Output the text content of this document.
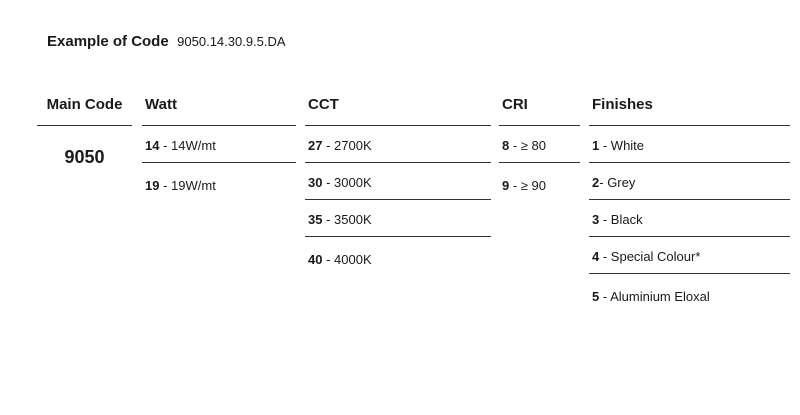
Example of Code 9050.14.30.9.5.DA
Main Code
9050
Watt
14 - 14W/mt
19 - 19W/mt
CCT
27 - 2700K
30 - 3000K
35 - 3500K
40 - 4000K
CRI
8 - ≥ 80
9 - ≥ 90
Finishes
1 - White
2- Grey
3 - Black
4 - Special Colour*
5 - Aluminium Eloxal
